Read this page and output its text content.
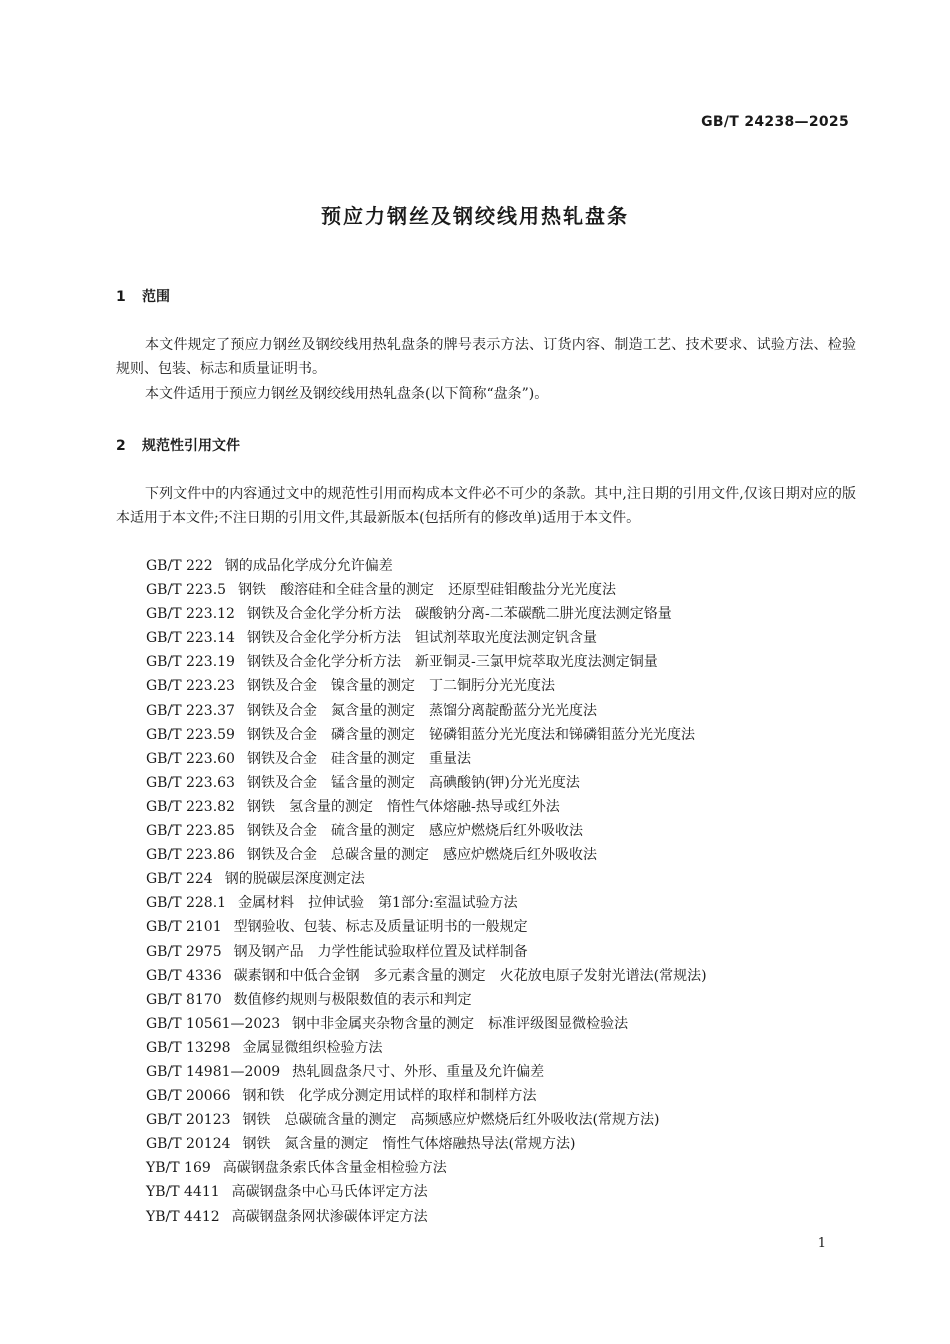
GB/T 24238—2025
预应力钢丝及钢绞线用热轧盘条
1 范围
本文件规定了预应力钢丝及钢绞线用热轧盘条的牌号表示方法、订货内容、制造工艺、技术要求、试验方法、检验规则、包装、标志和质量证明书。
本文件适用于预应力钢丝及钢绞线用热轧盘条(以下简称“盘条”)。
2 规范性引用文件
下列文件中的内容通过文中的规范性引用而构成本文件必不可少的条款。其中,注日期的引用文件,仅该日期对应的版本适用于本文件;不注日期的引用文件,其最新版本(包括所有的修改单)适用于本文件。
GB/T 222 钢的成品化学成分允许偏差
GB/T 223.5 钢铁 酸溶硅和全硅含量的测定 还原型硅钼酸盐分光光度法
GB/T 223.12 钢铁及合金化学分析方法 碳酸钠分离-二苯碳酰二肼光度法测定铬量
GB/T 223.14 钢铁及合金化学分析方法 钽试剂萃取光度法测定钒含量
GB/T 223.19 钢铁及合金化学分析方法 新亚铜灵-三氯甲烷萃取光度法测定铜量
GB/T 223.23 钢铁及合金 镍含量的测定 丁二铜肟分光光度法
GB/T 223.37 钢铁及合金 氮含量的测定 蒸馏分离靛酚蓝分光光度法
GB/T 223.59 钢铁及合金 磷含量的测定 铋磷钼蓝分光光度法和锑磷钼蓝分光光度法
GB/T 223.60 钢铁及合金 硅含量的测定 重量法
GB/T 223.63 钢铁及合金 锰含量的测定 高碘酸钠(钾)分光光度法
GB/T 223.82 钢铁 氢含量的测定 惰性气体熔融-热导或红外法
GB/T 223.85 钢铁及合金 硫含量的测定 感应炉燃烧后红外吸收法
GB/T 223.86 钢铁及合金 总碳含量的测定 感应炉燃烧后红外吸收法
GB/T 224 钢的脱碳层深度测定法
GB/T 228.1 金属材料 拉伸试验 第1部分:室温试验方法
GB/T 2101 型钢验收、包装、标志及质量证明书的一般规定
GB/T 2975 钢及钢产品 力学性能试验取样位置及试样制备
GB/T 4336 碳素钢和中低合金钢 多元素含量的测定 火花放电原子发射光谱法(常规法)
GB/T 8170 数值修约规则与极限数值的表示和判定
GB/T 10561—2023 钢中非金属夹杂物含量的测定 标准评级图显微检验法
GB/T 13298 金属显微组织检验方法
GB/T 14981—2009 热轧圆盘条尺寸、外形、重量及允许偏差
GB/T 20066 钢和铁 化学成分测定用试样的取样和制样方法
GB/T 20123 钢铁 总碳硫含量的测定 高频感应炉燃烧后红外吸收法(常规方法)
GB/T 20124 钢铁 氮含量的测定 惰性气体熔融热导法(常规方法)
YB/T 169 高碳钢盘条索氏体含量金相检验方法
YB/T 4411 高碳钢盘条中心马氏体评定方法
YB/T 4412 高碳钢盘条网状渗碳体评定方法
1
